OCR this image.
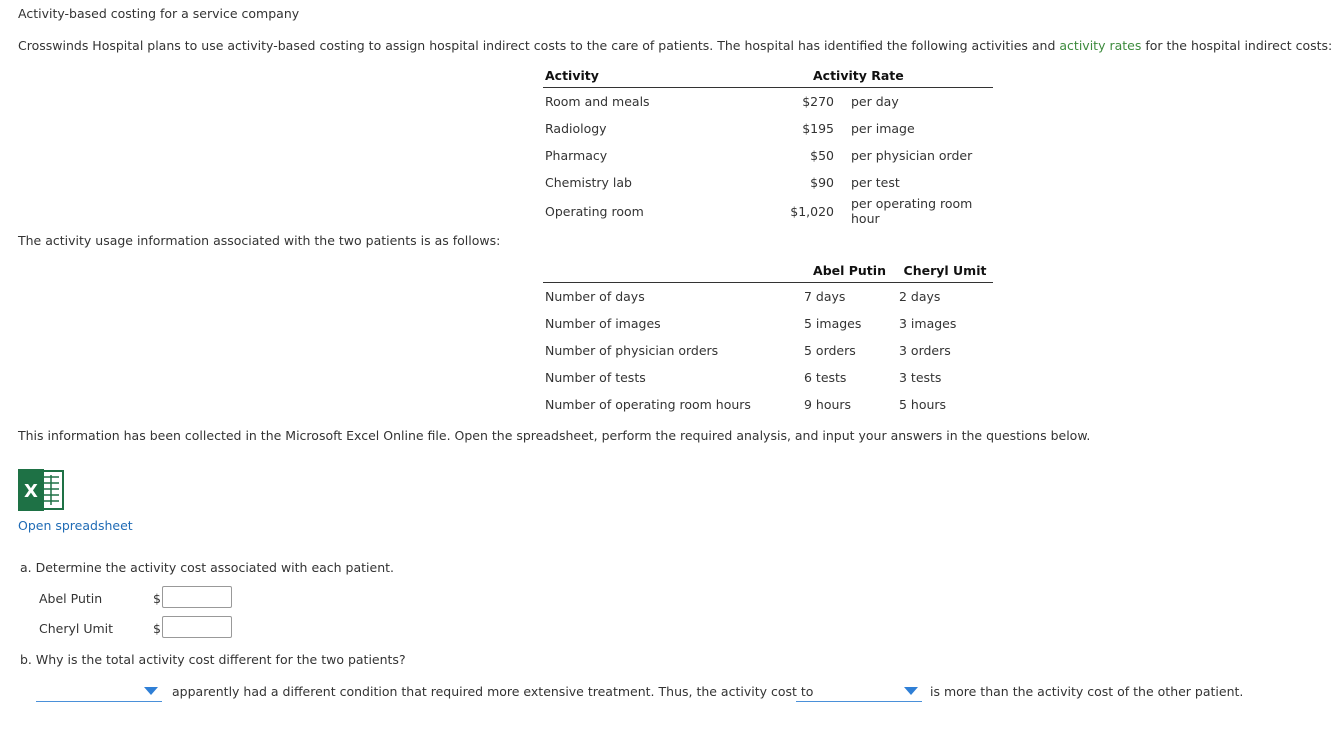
Activity-based costing for a service company
Crosswinds Hospital plans to use activity-based costing to assign hospital indirect costs to the care of patients. The hospital has identified the following activities and activity rates for the hospital indirect costs:
Activity	Activity Rate	
Room and meals	$270	per day
Radiology	$195	per image
Pharmacy	$50	per physician order
Chemistry lab	$90	per test
Operating room	$1,020	per operating room hour
The activity usage information associated with the two patients is as follows:
	Abel Putin	Cheryl Umit
Number of days	7 days	2 days
Number of images	5 images	3 images
Number of physician orders	5 orders	3 orders
Number of tests	6 tests	3 tests
Number of operating room hours	9 hours	5 hours
This information has been collected in the Microsoft Excel Online file. Open the spreadsheet, perform the required analysis, and input your answers in the questions below.
X
Open spreadsheet
a. Determine the activity cost associated with each patient.
Abel Putin	$
Cheryl Umit	$
b. Why is the total activity cost different for the two patients?
apparently had a different condition that required more extensive treatment. Thus, the activity cost to	is more than the activity cost of the other patient.
